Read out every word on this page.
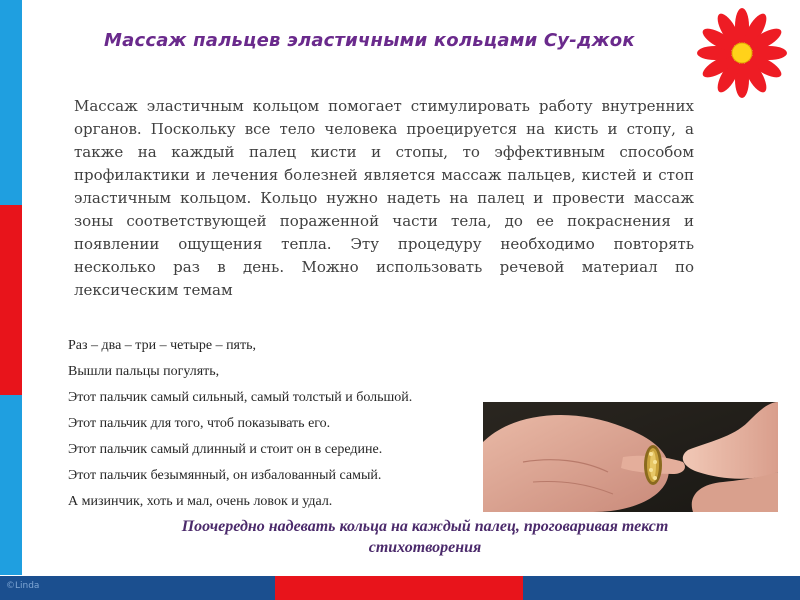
©Linda
Массаж пальцев эластичными кольцами Су-джок
Массаж эластичным кольцом помогает стимулировать работу внутренних органов. Поскольку все тело человека проецируется на кисть и стопу, а также на каждый палец кисти и стопы, то эффективным способом профилактики и лечения болезней является массаж пальцев, кистей и стоп эластичным кольцом. Кольцо нужно надеть на палец и провести массаж зоны соответствующей пораженной части тела, до ее покраснения и появлении ощущения тепла. Эту процедуру необходимо повторять несколько раз в день. Можно использовать речевой материал по лексическим темам
Раз – два – три – четыре – пять,
Вышли пальцы погулять,
Этот пальчик самый сильный, самый толстый и большой.
Этот пальчик для того, чтоб показывать его.
Этот пальчик самый длинный и стоит он в середине.
Этот пальчик безымянный, он избалованный самый.
А мизинчик, хоть и мал, очень ловок и удал.
Поочередно надевать кольца на каждый палец, проговаривая текст
стихотворения
